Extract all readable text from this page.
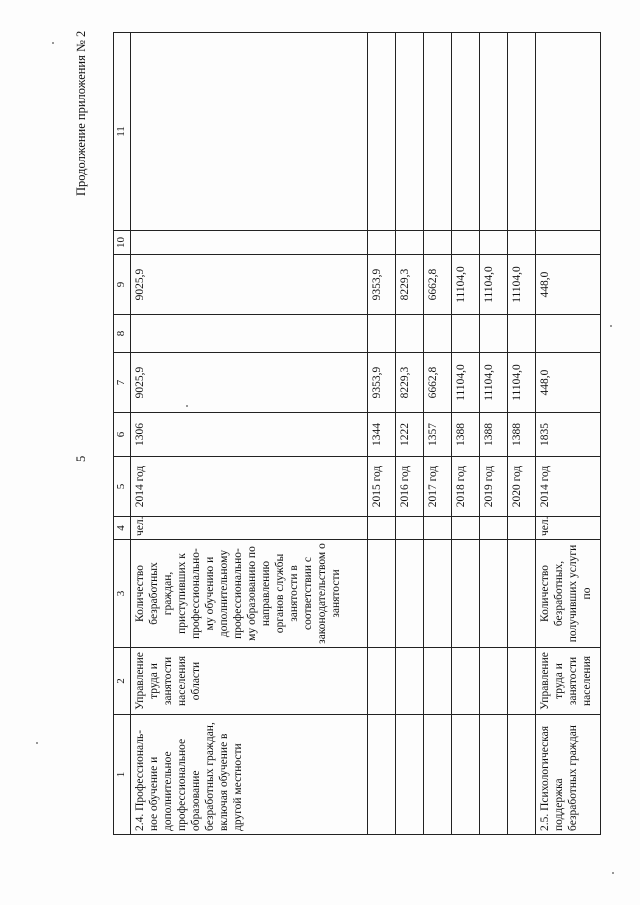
Продолжение приложения № 2
5
1	2	3	4	5	6	7	8	9	10	11
2.4. Профессиональ-ное обучение и дополнительное профессиональное образование безработных граждан, включая обучение в другой местности	Управление труда и занятости населения области	Количество безработных граждан, приступивших к профессионально-му обучению и дополнительному профессионально-му образованию по направлению органов службы занятости в соответствии с законодательством о занятости	чел.	2014 год	1306	9025,9		9025,9		
				2015 год	1344	9353,9		9353,9		
				2016 год	1222	8229,3		8229,3		
				2017 год	1357	6662,8		6662,8		
				2018 год	1388	11104,0		11104,0		
				2019 год	1388	11104,0		11104,0		
				2020 год	1388	11104,0		11104,0		
2.5. Психологическая поддержка безработных граждан	Управление труда и занятости населения	Количество безработных, получивших услуги по	чел.	2014 год	1835	448,0		448,0		
